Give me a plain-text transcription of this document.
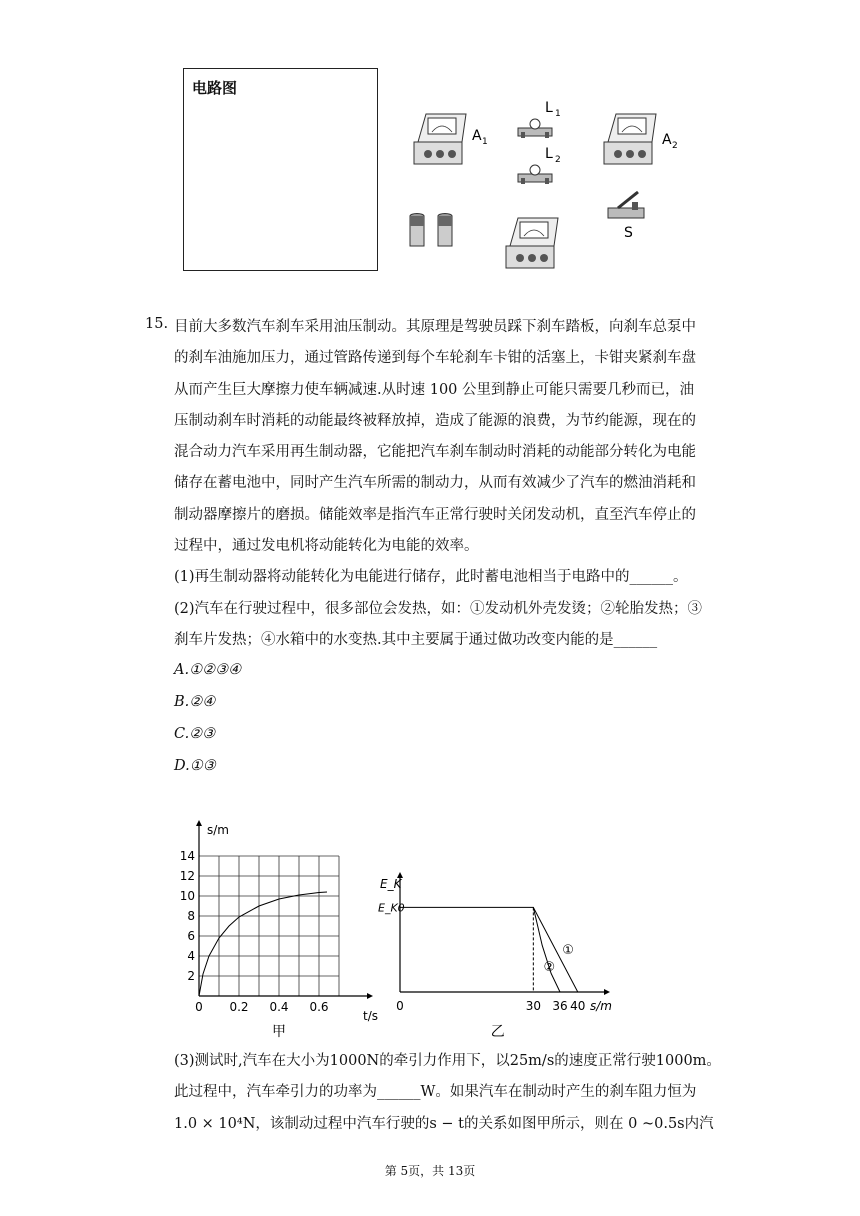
电路图
A 1
L 1
L 2
A 2
S
15. 目前大多数汽车刹车采用油压制动。其原理是驾驶员踩下刹车踏板，向刹车总泵中
的刹车油施加压力，通过管路传递到每个车轮刹车卡钳的活塞上，卡钳夹紧刹车盘
从而产生巨大摩擦力使车辆减速.从时速 100 公里到静止可能只需要几秒而已，油
压制动刹车时消耗的动能最终被释放掉，造成了能源的浪费，为节约能源，现在的
混合动力汽车采用再生制动器，它能把汽车刹车制动时消耗的动能部分转化为电能
储存在蓄电池中，同时产生汽车所需的制动力，从而有效减少了汽车的燃油消耗和
制动器摩擦片的磨损。储能效率是指汽车正常行驶时关闭发动机，直至汽车停止的
过程中，通过发电机将动能转化为电能的效率。
(1)再生制动器将动能转化为电能进行储存，此时蓄电池相当于电路中的______。
(2)汽车在行驶过程中，很多部位会发热，如：①发动机外壳发烫；②轮胎发热；③
刹车片发热；④水箱中的水变热.其中主要属于通过做功改变内能的是______
A.①②③④
B.②④
C.②③
D.①③
2
4
6
8
10
12
14
0 0.2 0.4 0.6
s/m
t/s
甲
E_K
E_K0
0	30 36 40 s/m
乙
①
②
(3)测试时,汽车在大小为1000N的牵引力作用下，以25m/s的速度正常行驶1000m。
此过程中，汽车牵引力的功率为______W。如果汽车在制动时产生的刹车阻力恒为
1.0 × 10⁴N，该制动过程中汽车行驶的s − t的关系如图甲所示，则在 0 ~0.5s内汽
第 5页，共 13页
